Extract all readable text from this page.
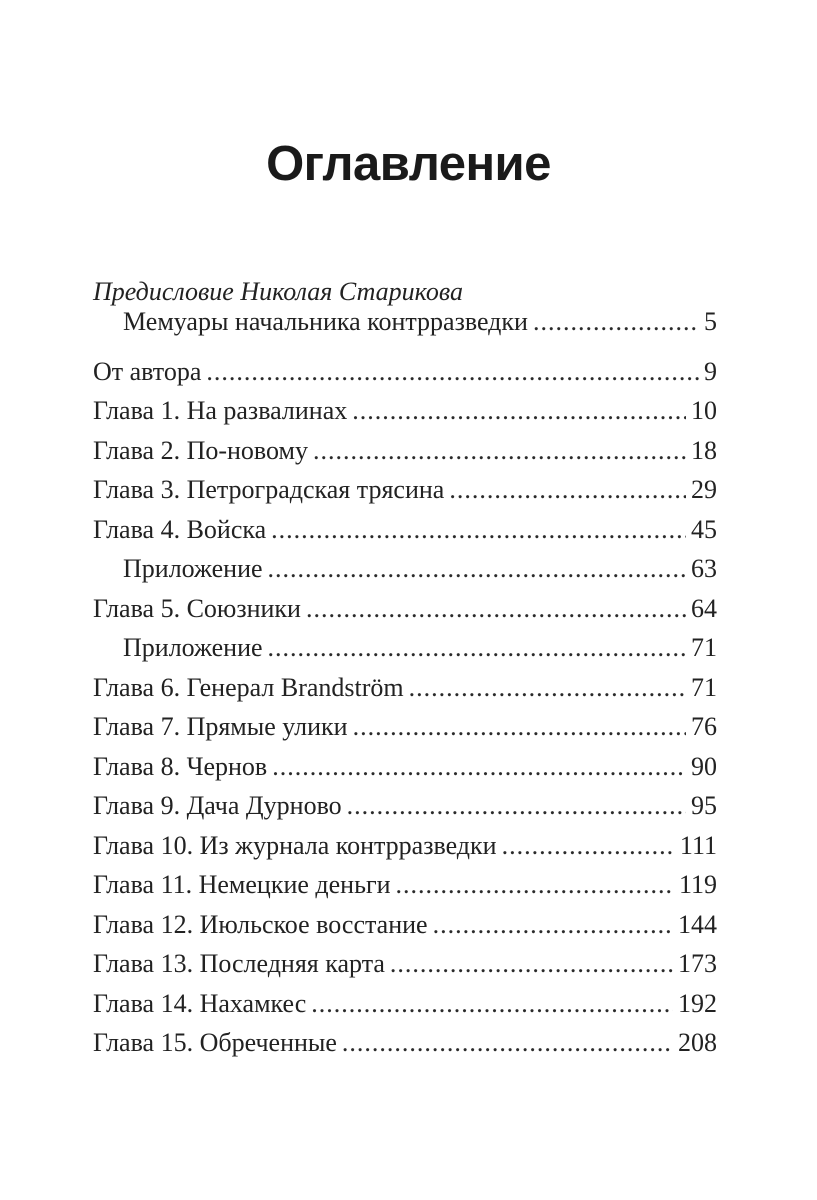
Оглавление
Предисловие Николая Старикова
Мемуары начальника контрразведки .....	5
От автора .....	9
Глава 1. На развалинах .....	10
Глава 2. По-новому .....	18
Глава 3. Петроградская трясина .....	29
Глава 4. Войска .....	45
Приложение .....	63
Глава 5. Союзники .....	64
Приложение .....	71
Глава 6. Генерал Brandström .....	71
Глава 7. Прямые улики .....	76
Глава 8. Чернов .....	90
Глава 9. Дача Дурново .....	95
Глава 10. Из журнала контрразведки .....	111
Глава 11. Немецкие деньги .....	119
Глава 12. Июльское восстание .....	144
Глава 13. Последняя карта .....	173
Глава 14. Нахамкес .....	192
Глава 15. Обреченные .....	208
